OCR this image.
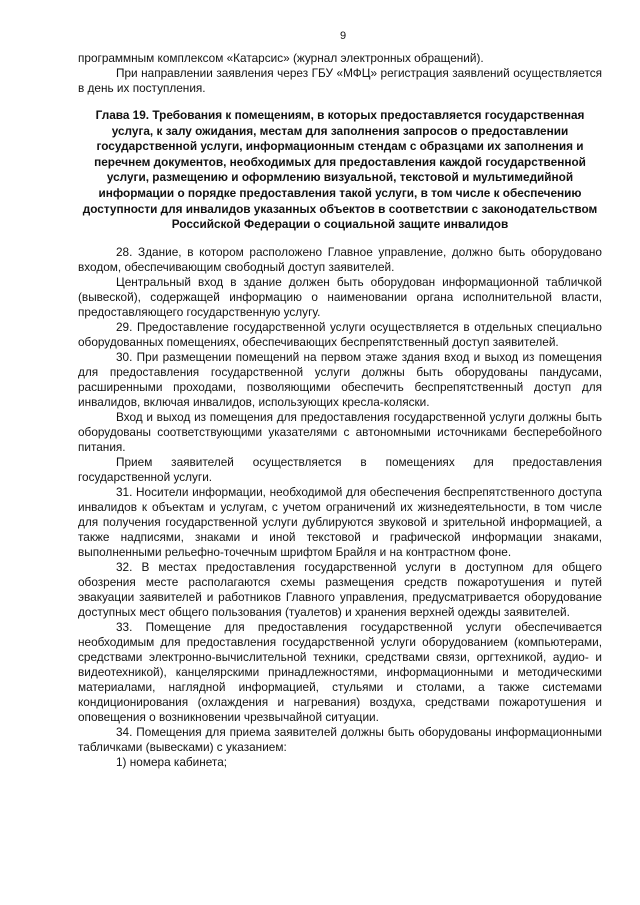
9

программным комплексом «Катарсис» (журнал электронных обращений).

При направлении заявления через ГБУ «МФЦ» регистрация заявлений осуществляется в день их поступления.

Глава 19. Требования к помещениям, в которых предоставляется государственная услуга, к залу ожидания, местам для заполнения запросов о предоставлении государственной услуги, информационным стендам с образцами их заполнения и перечнем документов, необходимых для предоставления каждой государственной услуги, размещению и оформлению визуальной, текстовой и мультимедийной информации о порядке предоставления такой услуги, в том числе к обеспечению доступности для инвалидов указанных объектов в соответствии с законодательством Российской Федерации о социальной защите инвалидов

28. Здание, в котором расположено Главное управление, должно быть оборудовано входом, обеспечивающим свободный доступ заявителей.

Центральный вход в здание должен быть оборудован информационной табличкой (вывеской), содержащей информацию о наименовании органа исполнительной власти, предоставляющего государственную услугу.

29. Предоставление государственной услуги осуществляется в отдельных специально оборудованных помещениях, обеспечивающих беспрепятственный доступ заявителей.

30. При размещении помещений на первом этаже здания вход и выход из помещения для предоставления государственной услуги должны быть оборудованы пандусами, расширенными проходами, позволяющими обеспечить беспрепятственный доступ для инвалидов, включая инвалидов, использующих кресла-коляски.

Вход и выход из помещения для предоставления государственной услуги должны быть оборудованы соответствующими указателями с автономными источниками бесперебойного питания.

Прием заявителей осуществляется в помещениях для предоставления государственной услуги.

31. Носители информации, необходимой для обеспечения беспрепятственного доступа инвалидов к объектам и услугам, с учетом ограничений их жизнедеятельности, в том числе для получения государственной услуги дублируются звуковой и зрительной информацией, а также надписями, знаками и иной текстовой и графической информации знаками, выполненными рельефно-точечным шрифтом Брайля и на контрастном фоне.

32. В местах предоставления государственной услуги в доступном для общего обозрения месте располагаются схемы размещения средств пожаротушения и путей эвакуации заявителей и работников Главного управления, предусматривается оборудование доступных мест общего пользования (туалетов) и хранения верхней одежды заявителей.

33. Помещение для предоставления государственной услуги обеспечивается необходимым для предоставления государственной услуги оборудованием (компьютерами, средствами электронно-вычислительной техники, средствами связи, оргтехникой, аудио- и видеотехникой), канцелярскими принадлежностями, информационными и методическими материалами, наглядной информацией, стульями и столами, а также системами кондиционирования (охлаждения и нагревания) воздуха, средствами пожаротушения и оповещения о возникновении чрезвычайной ситуации.

34. Помещения для приема заявителей должны быть оборудованы информационными табличками (вывесками) с указанием:

1) номера кабинета;
